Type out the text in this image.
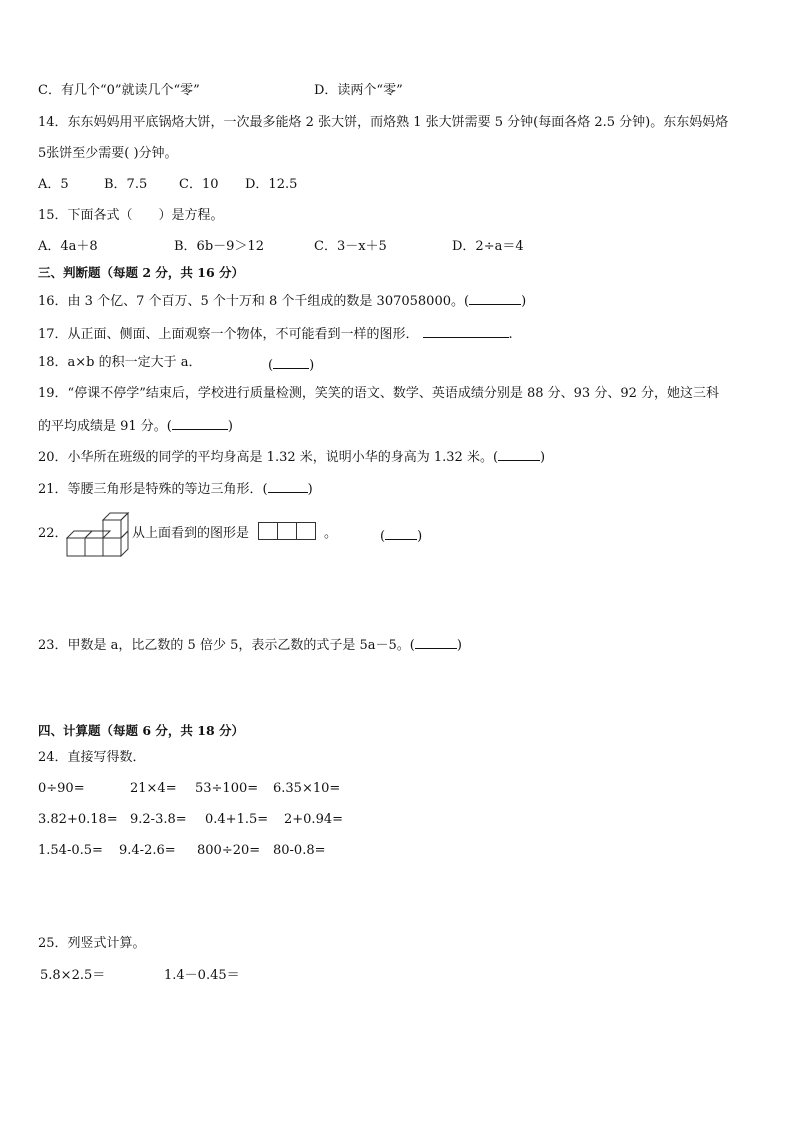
C．有几个“0”就读几个“零”	D．读两个“零”
14．东东妈妈用平底锅烙大饼，一次最多能烙 2 张大饼，而烙熟 1 张大饼需要 5 分钟(每面各烙 2.5 分钟)。东东妈妈烙
5张饼至少需要( )分钟。
A．5	B．7.5 C．10 D．12.5
15．下面各式（　　）是方程。
A．4a＋8	B．6b－9＞12	C．3－x＋5	D．2÷a＝4
三、判断题（每题 2 分，共 16 分）
16．由 3 个亿、7 个百万、5 个十万和 8 个千组成的数是 307058000。(	)
17．从正面、侧面、上面观察一个物体，不可能看到一样的图形．	.
18．a×b 的积一定大于 a．	(	)
19．“停课不停学”结束后，学校进行质量检测，笑笑的语文、数学、英语成绩分别是 88 分、93 分、92 分，她这三科
的平均成绩是 91 分。(	)
20．小华所在班级的同学的平均身高是 1.32 米，说明小华的身高为 1.32 米。(	)
21．等腰三角形是特殊的等边三角形．(	)
22．	从上面看到的图形是	。	( )
23．甲数是 a，比乙数的 5 倍少 5，表示乙数的式子是 5a－5。(	)
四、计算题（每题 6 分，共 18 分）
24．直接写得数．
0÷90=	21×4= 53÷100= 6.35×10=
3.82+0.18= 9.2-3.8= 0.4+1.5= 2+0.94=
1.54-0.5= 9.4-2.6= 800÷20= 80-0.8=
25．列竖式计算。
5.8×2.5＝	1.4－0.45＝
